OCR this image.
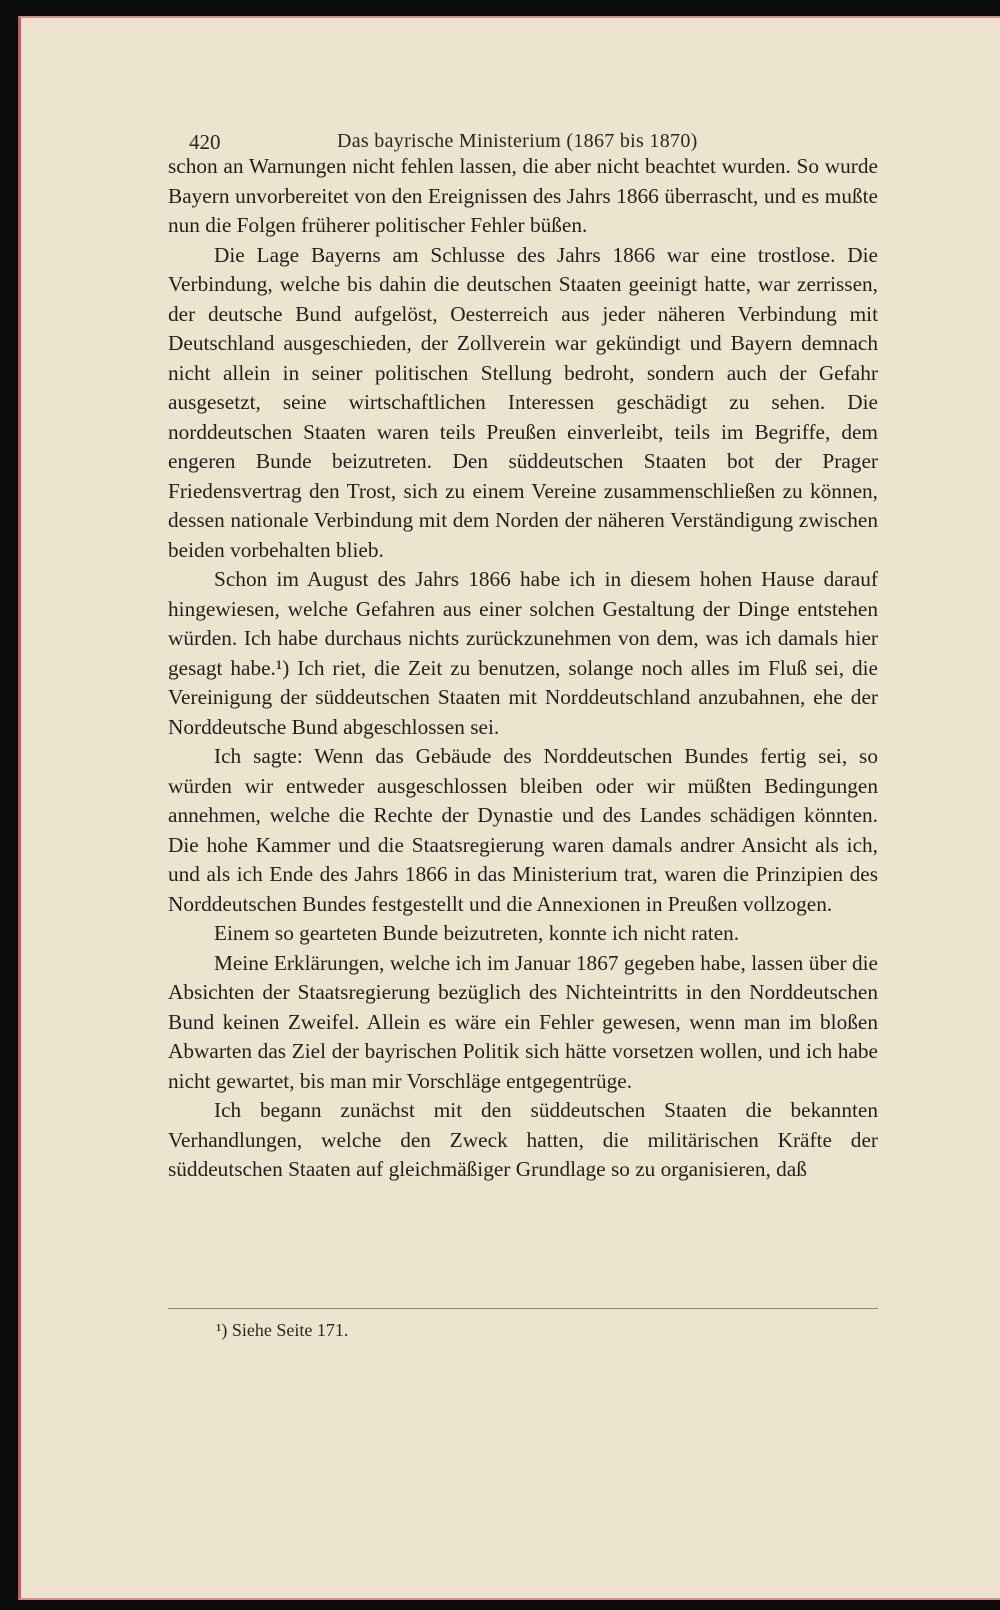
420	Das bayrische Ministerium (1867 bis 1870)

schon an Warnungen nicht fehlen lassen, die aber nicht beachtet wurden. So wurde Bayern unvorbereitet von den Ereignissen des Jahrs 1866 überrascht, und es mußte nun die Folgen früherer politischer Fehler büßen.

Die Lage Bayerns am Schlusse des Jahrs 1866 war eine trostlose. Die Verbindung, welche bis dahin die deutschen Staaten geeinigt hatte, war zerrissen, der deutsche Bund aufgelöst, Oesterreich aus jeder näheren Verbindung mit Deutschland ausgeschieden, der Zollverein war gekündigt und Bayern demnach nicht allein in seiner politischen Stellung bedroht, sondern auch der Gefahr ausgesetzt, seine wirtschaftlichen Interessen geschädigt zu sehen. Die norddeutschen Staaten waren teils Preußen einverleibt, teils im Begriffe, dem engeren Bunde beizutreten. Den süddeutschen Staaten bot der Prager Friedensvertrag den Trost, sich zu einem Vereine zusammenschließen zu können, dessen nationale Verbindung mit dem Norden der näheren Verständigung zwischen beiden vorbehalten blieb.

Schon im August des Jahrs 1866 habe ich in diesem hohen Hause darauf hingewiesen, welche Gefahren aus einer solchen Gestaltung der Dinge entstehen würden. Ich habe durchaus nichts zurückzunehmen von dem, was ich damals hier gesagt habe.¹) Ich riet, die Zeit zu benutzen, solange noch alles im Fluß sei, die Vereinigung der süddeutschen Staaten mit Norddeutschland anzubahnen, ehe der Norddeutsche Bund abgeschlossen sei.

Ich sagte: Wenn das Gebäude des Norddeutschen Bundes fertig sei, so würden wir entweder ausgeschlossen bleiben oder wir müßten Bedingungen annehmen, welche die Rechte der Dynastie und des Landes schädigen könnten. Die hohe Kammer und die Staatsregierung waren damals andrer Ansicht als ich, und als ich Ende des Jahrs 1866 in das Ministerium trat, waren die Prinzipien des Norddeutschen Bundes festgestellt und die Annexionen in Preußen vollzogen.

Einem so gearteten Bunde beizutreten, konnte ich nicht raten.

Meine Erklärungen, welche ich im Januar 1867 gegeben habe, lassen über die Absichten der Staatsregierung bezüglich des Nichteintritts in den Norddeutschen Bund keinen Zweifel. Allein es wäre ein Fehler gewesen, wenn man im bloßen Abwarten das Ziel der bayrischen Politik sich hätte vorsetzen wollen, und ich habe nicht gewartet, bis man mir Vorschläge entgegentrüge.

Ich begann zunächst mit den süddeutschen Staaten die bekannten Verhandlungen, welche den Zweck hatten, die militärischen Kräfte der süddeutschen Staaten auf gleichmäßiger Grundlage so zu organisieren, daß

¹) Siehe Seite 171.
